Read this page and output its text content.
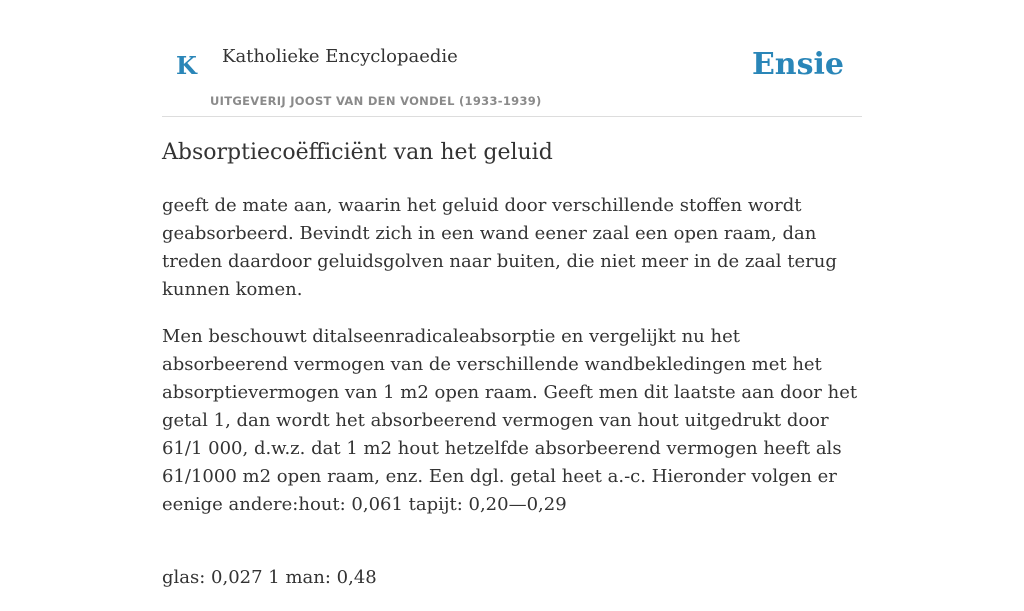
K Katholieke Encyclopaedie
UITGEVERIJ JOOST VAN DEN VONDEL (1933-1939)
Ensie
Absorptiecoëfficiënt van het geluid

geeft de mate aan, waarin het geluid door verschillende stoffen wordt geabsorbeerd. Bevindt zich in een wand eener zaal een open raam, dan treden daardoor geluidsgolven naar buiten, die niet meer in de zaal terug kunnen komen.

Men beschouwt ditalseenradicaleabsorptie en vergelijkt nu het absorbeerend vermogen van de verschillende wandbekledingen met het absorptievermogen van 1 m2 open raam. Geeft men dit laatste aan door het getal 1, dan wordt het absorbeerend vermogen van hout uitgedrukt door 61/1 000, d.w.z. dat 1 m2 hout hetzelfde absorbeerend vermogen heeft als 61/1000 m2 open raam, enz. Een dgl. getal heet a.-c. Hieronder volgen er eenige andere:hout: 0,061 tapijt: 0,20—0,29

glas: 0,027 1 man: 0,48
